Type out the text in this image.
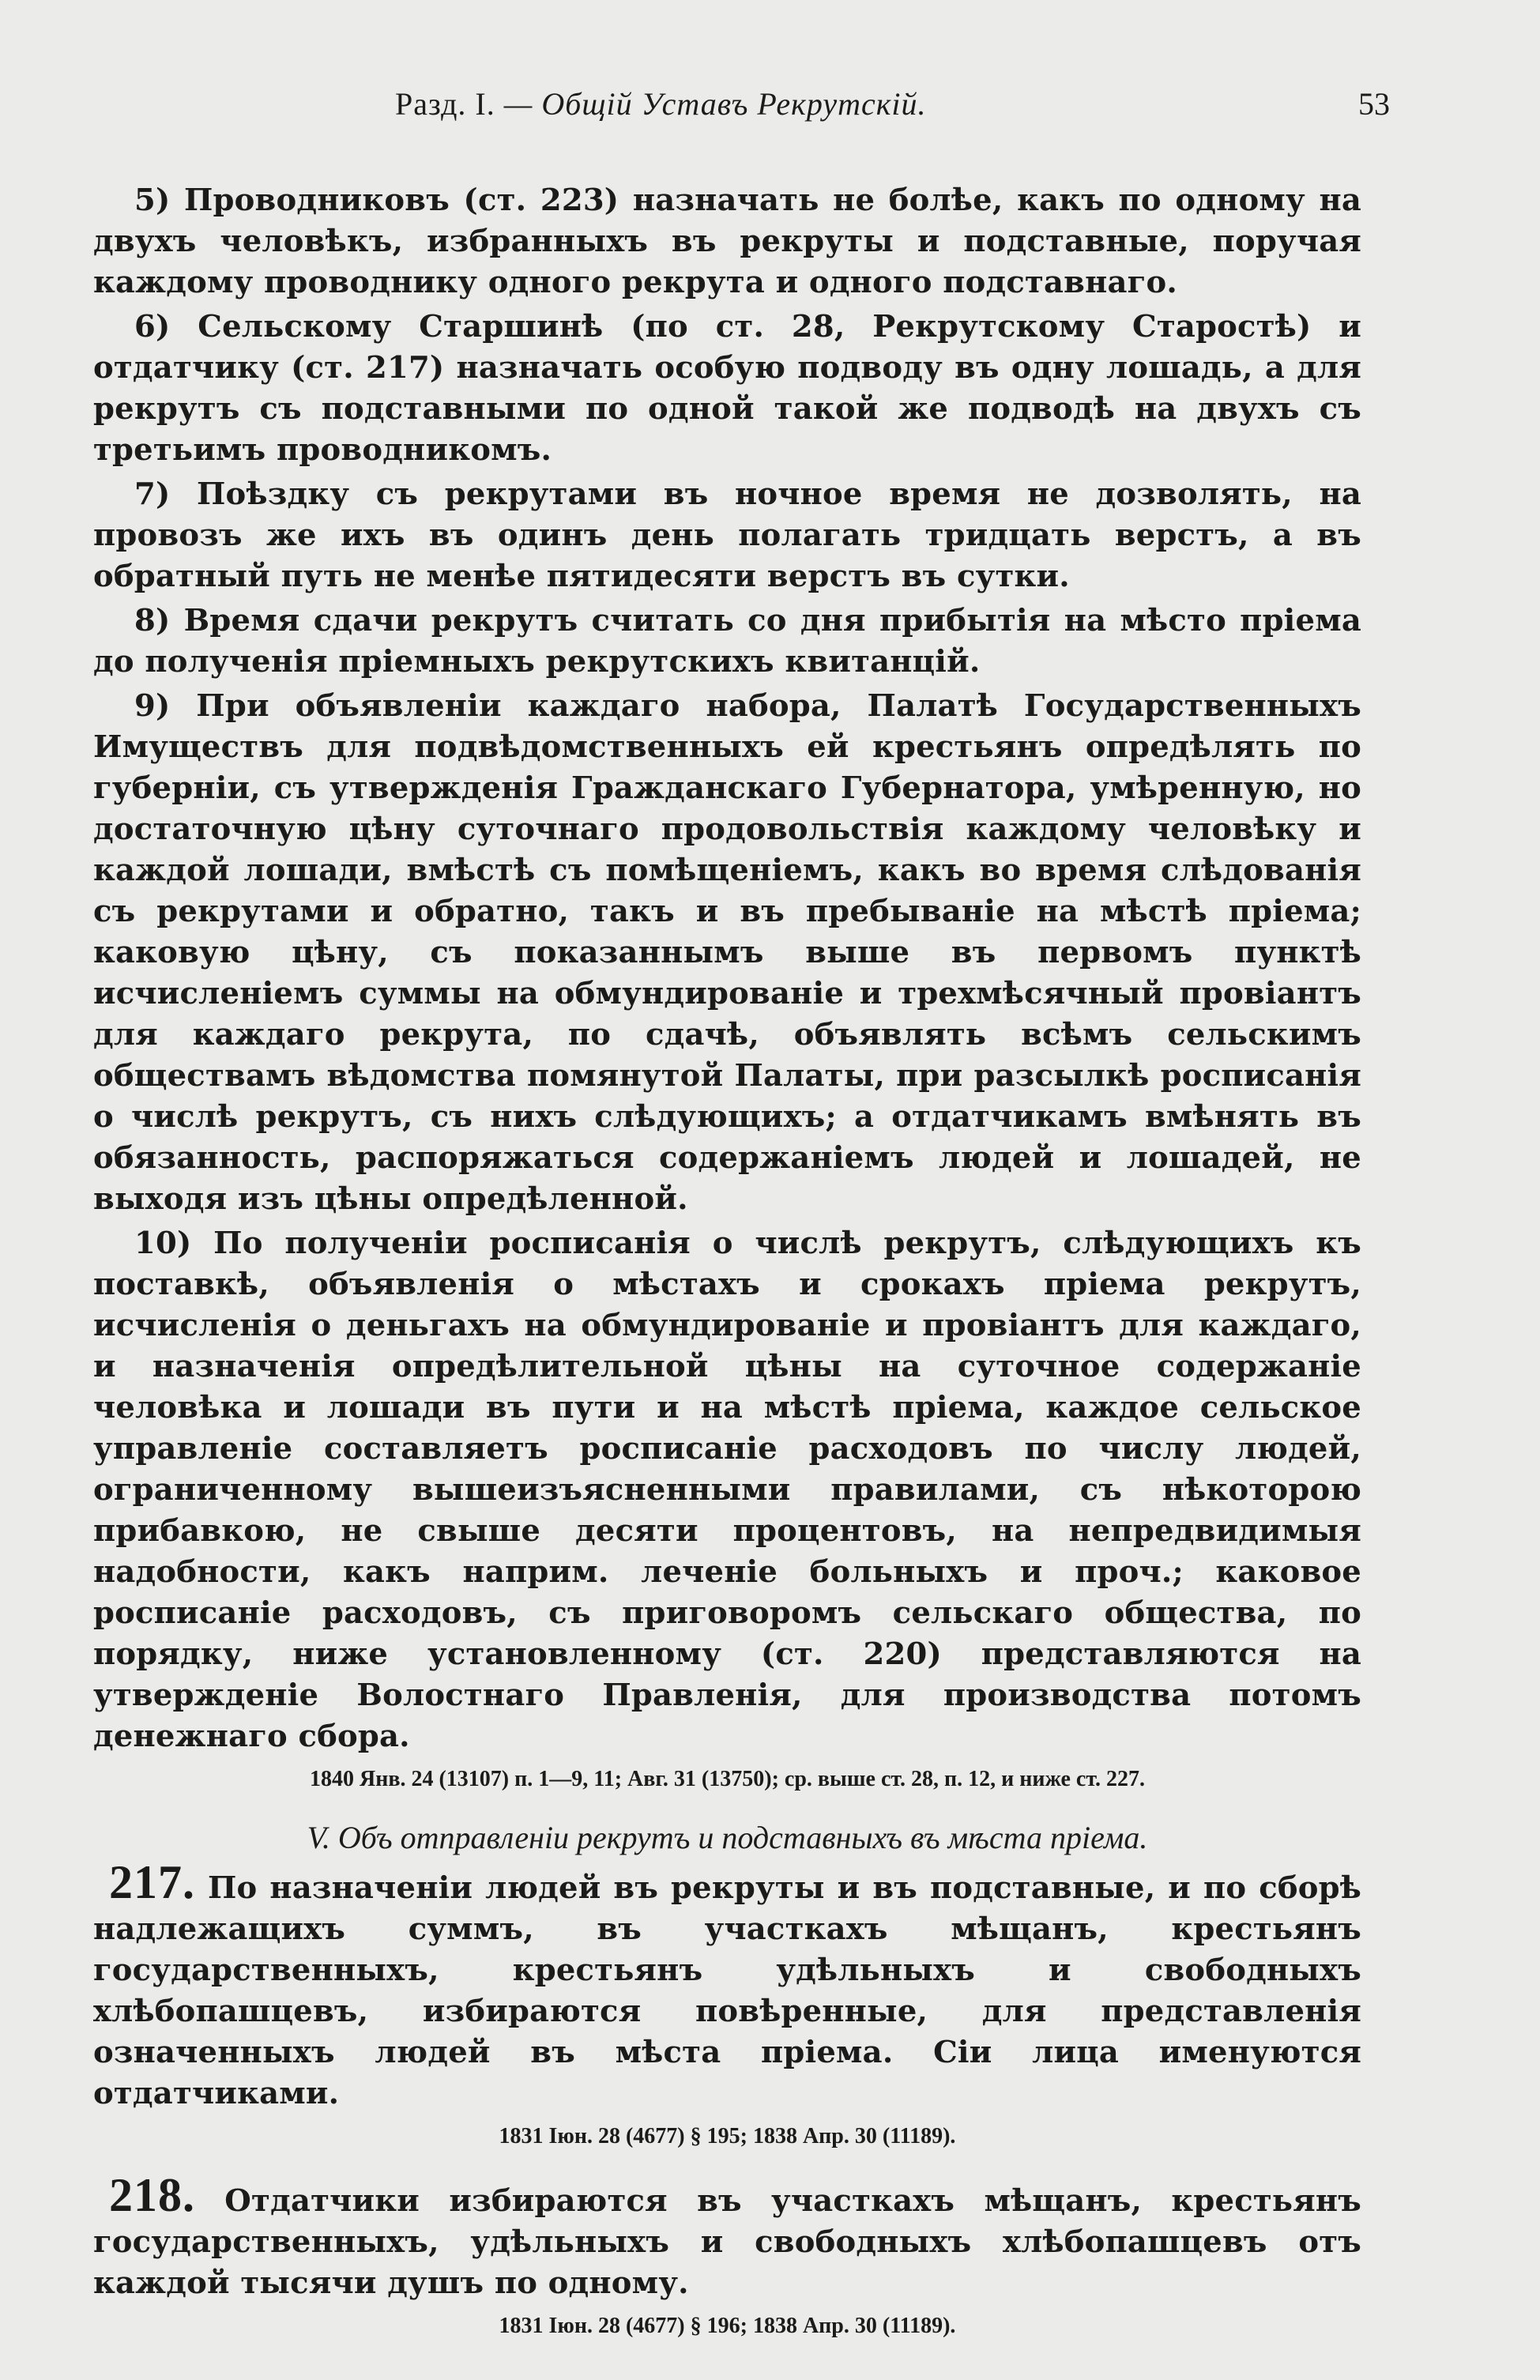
Разд. I. — Общій Уставъ Рекрутскій.	53

5) Проводниковъ (ст. 223) назначать не болѣе, какъ по одному на двухъ человѣкъ, избранныхъ въ рекруты и подставные, поручая каждому проводнику одного рекрута и одного подставнаго.

6) Сельскому Старшинѣ (по ст. 28, Рекрутскому Старостѣ) и отдатчику (ст. 217) назначать особую подводу въ одну лошадь, а для рекрутъ съ подставными по одной такой же подводѣ на двухъ съ третьимъ проводникомъ.

7) Поѣздку съ рекрутами въ ночное время не дозволять, на провозъ же ихъ въ одинъ день полагать тридцать верстъ, а въ обратный путь не менѣе пятидесяти верстъ въ сутки.

8) Время сдачи рекрутъ считать со дня прибытія на мѣсто пріема до полученія пріемныхъ рекрутскихъ квитанцій.

9) При объявленіи каждаго набора, Палатѣ Государственныхъ Имуществъ для подвѣдомственныхъ ей крестьянъ опредѣлять по губерніи, съ утвержденія Гражданскаго Губернатора, умѣренную, но достаточную цѣну суточнаго продовольствія каждому человѣку и каждой лошади, вмѣстѣ съ помѣщеніемъ, какъ во время слѣдованія съ рекрутами и обратно, такъ и въ пребываніе на мѣстѣ пріема; каковую цѣну, съ показаннымъ выше въ первомъ пунктѣ исчисленіемъ суммы на обмундированіе и трехмѣсячный провіантъ для каждаго рекрута, по сдачѣ, объявлять всѣмъ сельскимъ обществамъ вѣдомства помянутой Палаты, при разсылкѣ росписанія о числѣ рекрутъ, съ нихъ слѣдующихъ; а отдатчикамъ вмѣнять въ обязанность, распоряжаться содержаніемъ людей и лошадей, не выходя изъ цѣны опредѣленной.

10) По полученіи росписанія о числѣ рекрутъ, слѣдующихъ къ поставкѣ, объявленія о мѣстахъ и срокахъ пріема рекрутъ, исчисленія о деньгахъ на обмундированіе и провіантъ для каждаго, и назначенія опредѣлительной цѣны на суточное содержаніе человѣка и лошади въ пути и на мѣстѣ пріема, каждое сельское управленіе составляетъ росписаніе расходовъ по числу людей, ограниченному вышеизъясненными правилами, съ нѣкоторою прибавкою, не свыше десяти процентовъ, на непредвидимыя надобности, какъ наприм. леченіе больныхъ и проч.; каковое росписаніе расходовъ, съ приговоромъ сельскаго общества, по порядку, ниже установленному (ст. 220) представляются на утвержденіе Волостнаго Правленія, для производства потомъ денежнаго сбора.

1840 Янв. 24 (13107) п. 1—9, 11; Авг. 31 (13750); ср. выше ст. 28, п. 12, и ниже ст. 227.
V. Объ отправленіи рекрутъ и подставныхъ въ мѣста пріема.

217. По назначеніи людей въ рекруты и въ подставные, и по сборѣ надлежащихъ суммъ, въ участкахъ мѣщанъ, крестьянъ государственныхъ, крестьянъ удѣльныхъ и свободныхъ хлѣбопашцевъ, избираются повѣренные, для представленія означенныхъ людей въ мѣста пріема. Сіи лица именуются отдатчиками.

1831 Іюн. 28 (4677) § 195; 1838 Апр. 30 (11189).

218. Отдатчики избираются въ участкахъ мѣщанъ, крестьянъ государственныхъ, удѣльныхъ и свободныхъ хлѣбопашцевъ отъ каждой тысячи душъ по одному.

1831 Іюн. 28 (4677) § 196; 1838 Апр. 30 (11189).
